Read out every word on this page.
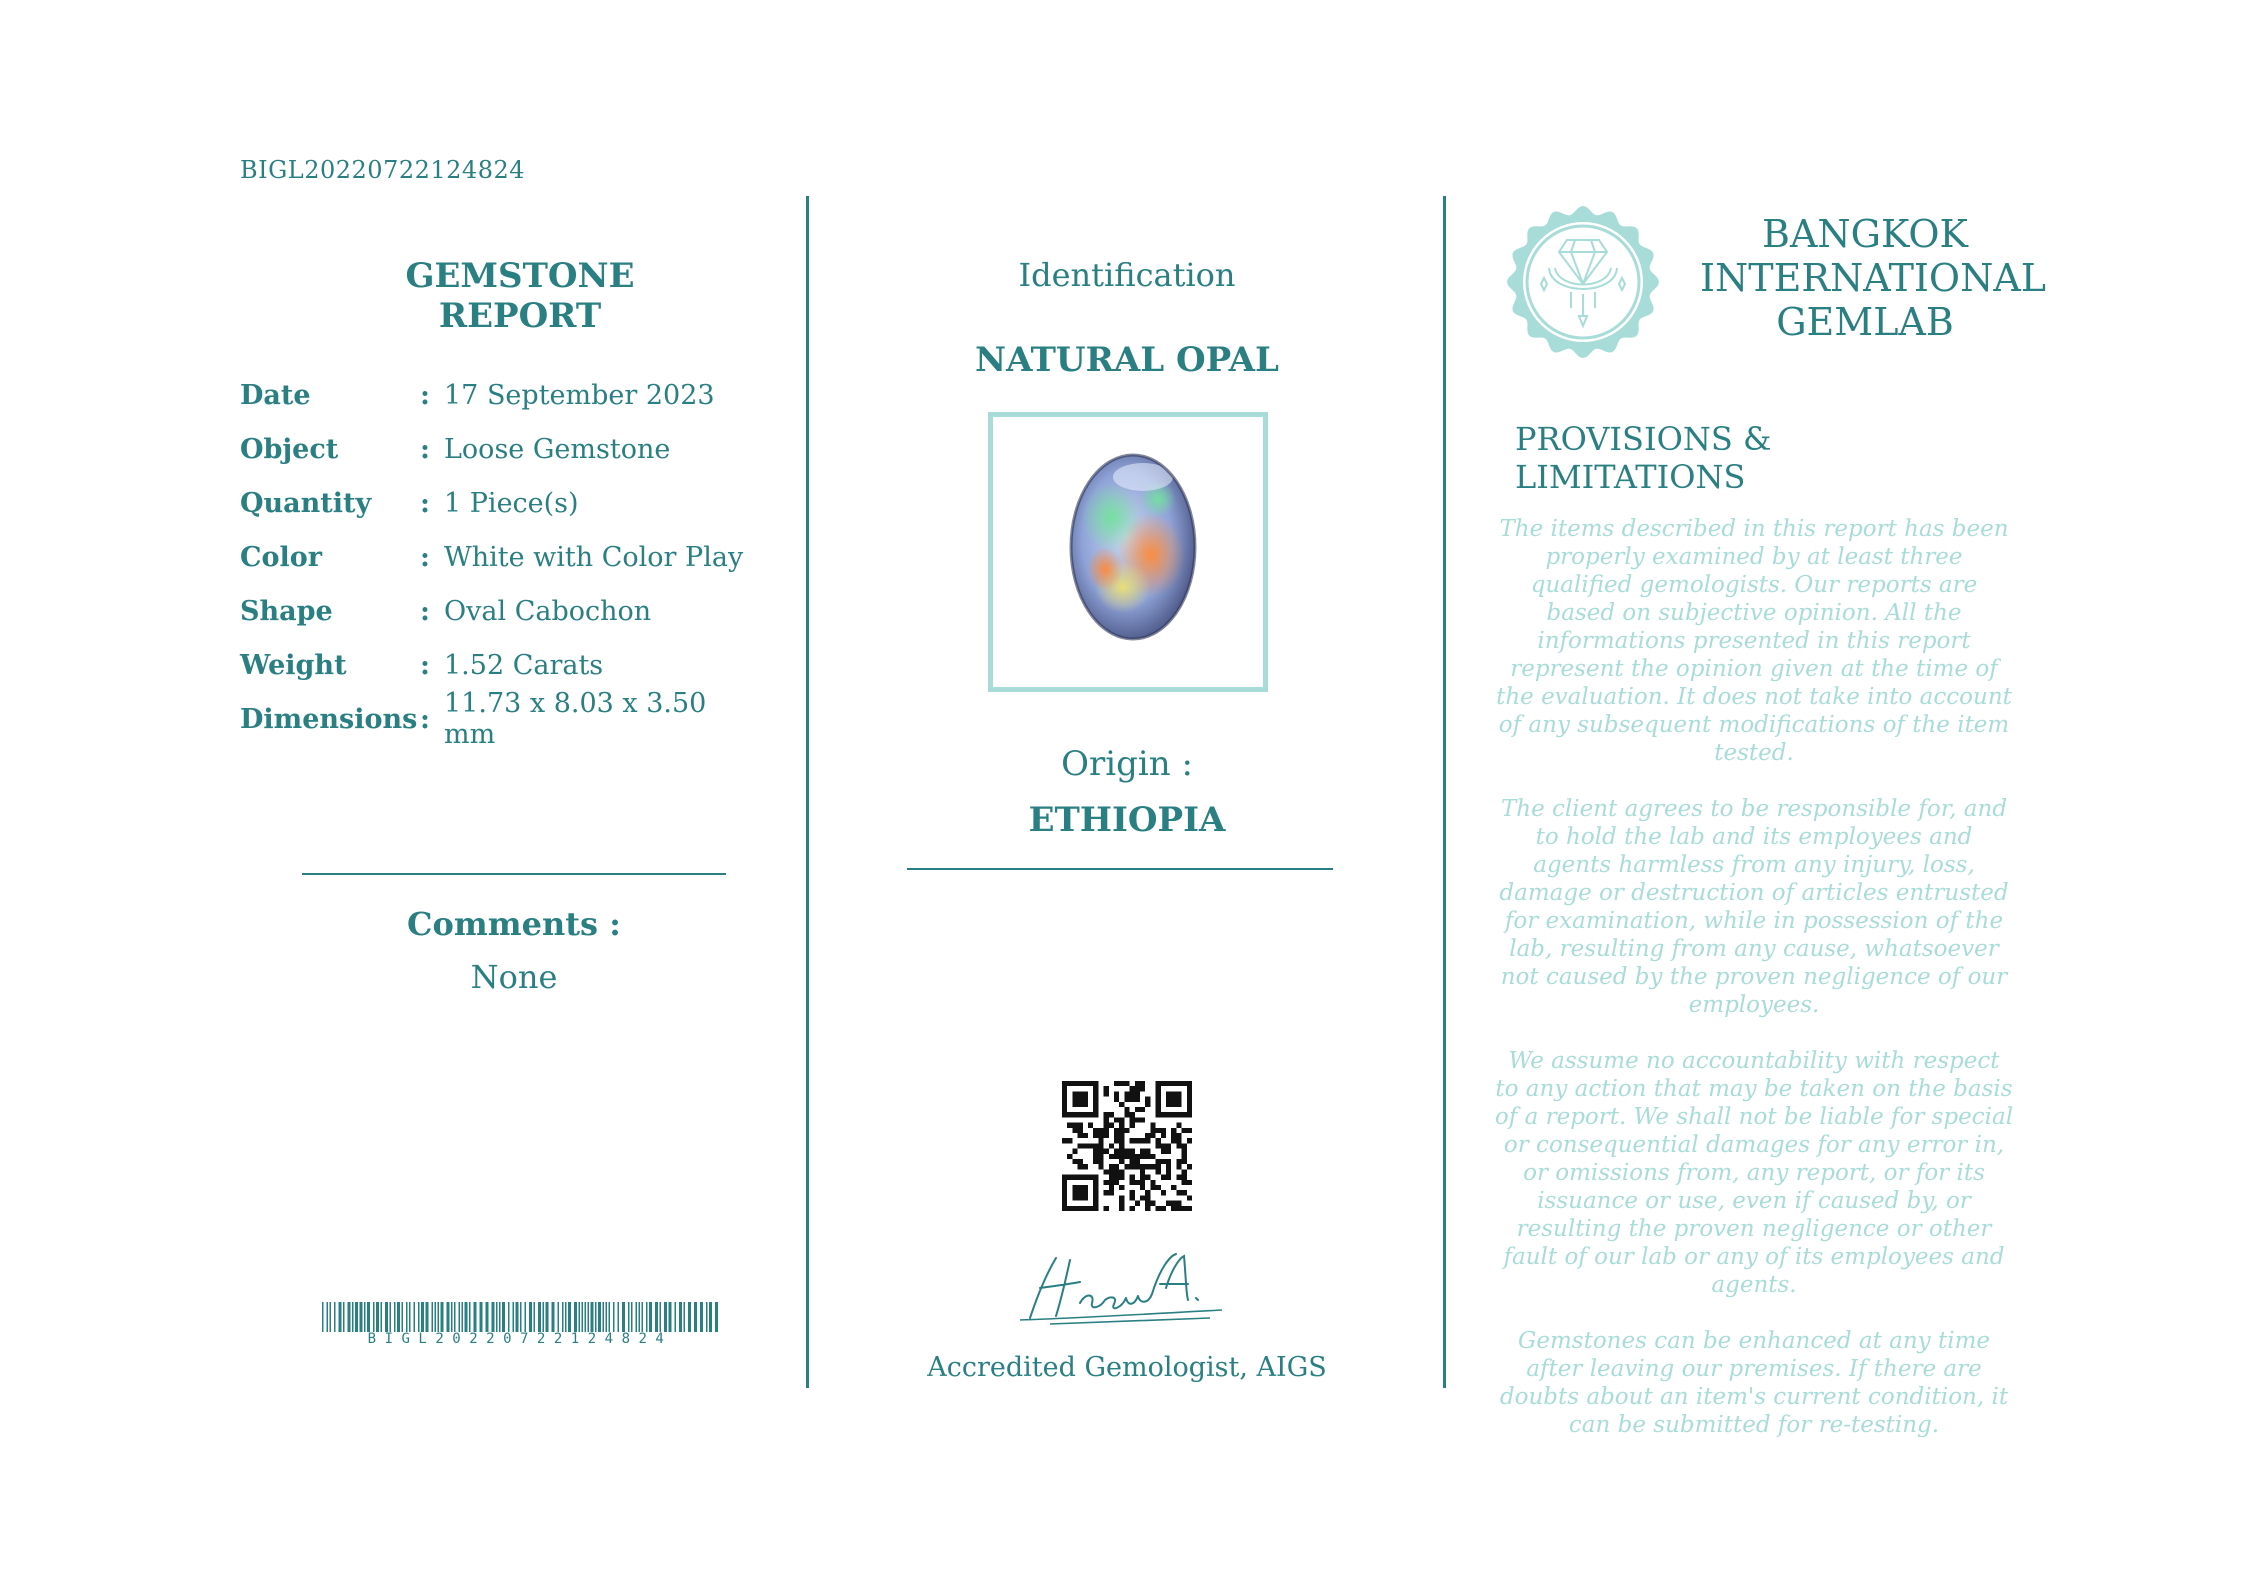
BIGL20220722124824
GEMSTONE REPORT
Date	: 17 September 2023
Object	: Loose Gemstone
Quantity	: 1 Piece(s)
Color	: White with Color Play
Shape	: Oval Cabochon
Weight	: 1.52 Carats
Dimensions : 11.73 x 8.03 x 3.50 mm
Comments :
None
BIGL20220722124824
Identification
NATURAL OPAL
Origin :
ETHIOPIA
Accredited Gemologist, AIGS
BANGKOK
INTERNATIONAL
GEMLAB
PROVISIONS & LIMITATIONS

The items described in this report has been properly examined by at least three qualified gemologists. Our reports are based on subjective opinion. All the informations presented in this report represent the opinion given at the time of the evaluation. It does not take into account of any subsequent modifications of the item tested.

The client agrees to be responsible for, and to hold the lab and its employees and agents harmless from any injury, loss, damage or destruction of articles entrusted for examination, while in possession of the lab, resulting from any cause, whatsoever not caused by the proven negligence of our employees.

We assume no accountability with respect to any action that may be taken on the basis of a report. We shall not be liable for special or consequential damages for any error in, or omissions from, any report, or for its issuance or use, even if caused by, or resulting the proven negligence or other fault of our lab or any of its employees and agents.

Gemstones can be enhanced at any time after leaving our premises. If there are doubts about an item's current condition, it can be submitted for re-testing.
